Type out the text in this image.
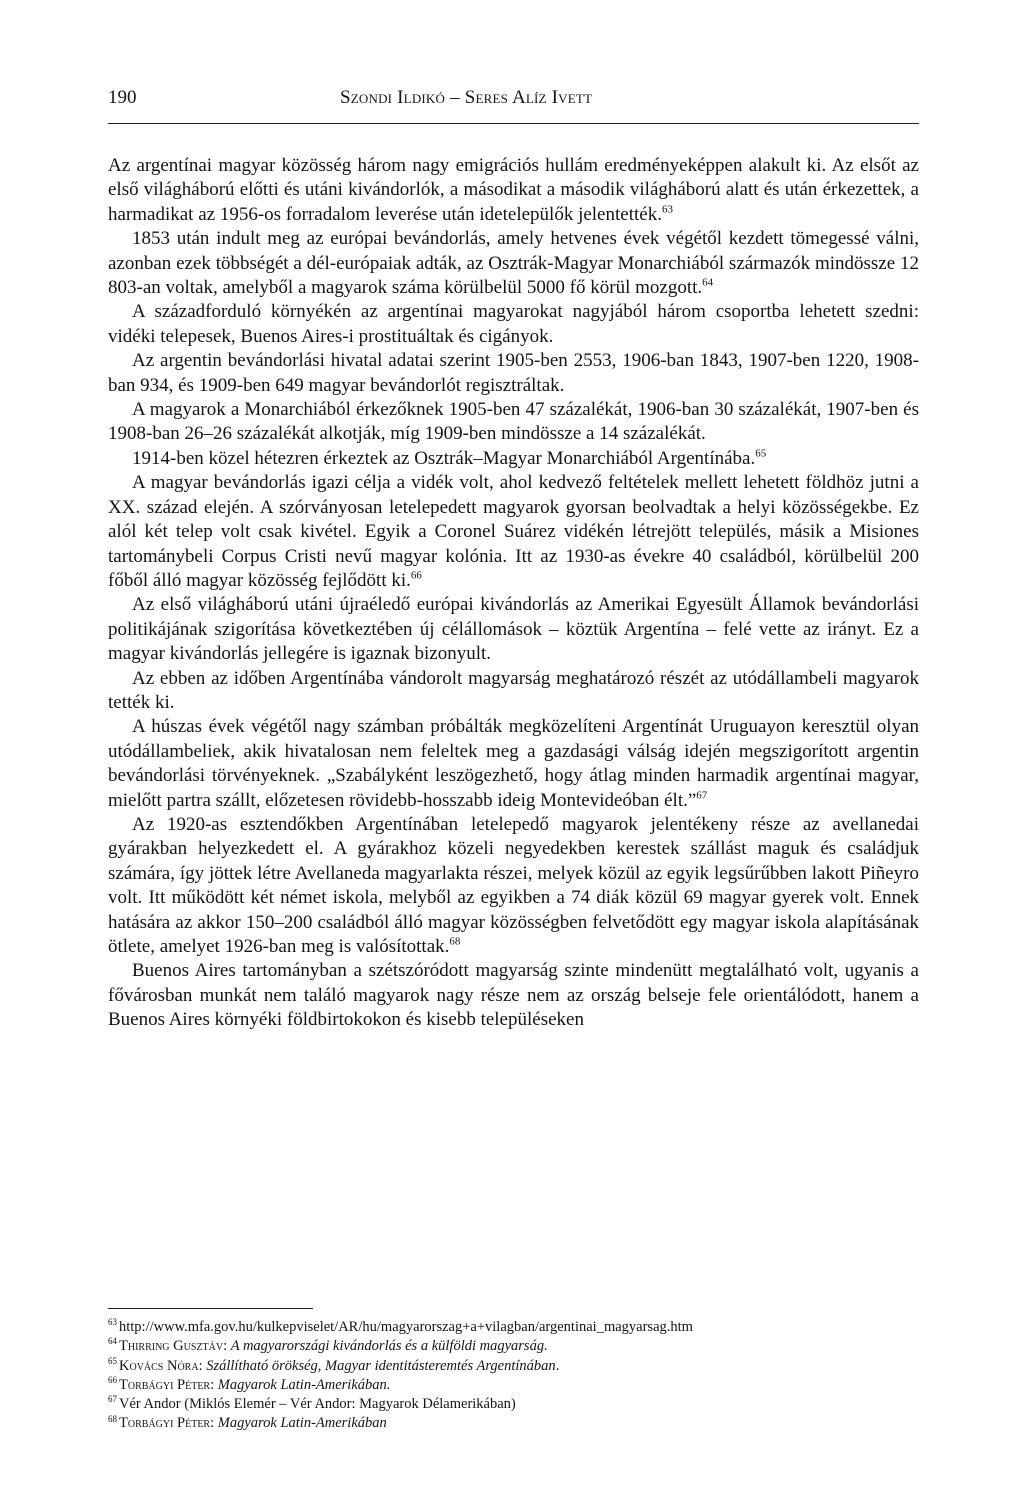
190	Szondi Ildikó – Seres Alíz Ivett

Az argentínai magyar közösség három nagy emigrációs hullám eredményeképpen alakult ki. Az elsőt az első világháború előtti és utáni kivándorlók, a másodikat a második világháború alatt és után érkezettek, a harmadikat az 1956-os forradalom leverése után idetelepülők jelentették.$^{63}$

1853 után indult meg az európai bevándorlás, amely hetvenes évek végétől kezdett tömegessé válni, azonban ezek többségét a dél-európaiak adták, az Osztrák-Magyar Monarchiából származók mindössze 12 803-an voltak, amelyből a magyarok száma körülbelül 5000 fő körül mozgott.$^{64}$

A századforduló környékén az argentínai magyarokat nagyjából három csoportba lehetett szedni: vidéki telepesek, Buenos Aires-i prostituáltak és cigányok.

Az argentin bevándorlási hivatal adatai szerint 1905-ben 2553, 1906-ban 1843, 1907-ben 1220, 1908-ban 934, és 1909-ben 649 magyar bevándorlót regisztráltak.

A magyarok a Monarchiából érkezőknek 1905-ben 47 százalékát, 1906-ban 30 százalékát, 1907-ben és 1908-ban 26–26 százalékát alkotják, míg 1909-ben mindössze a 14 százalékát.

1914-ben közel hétezren érkeztek az Osztrák–Magyar Monarchiából Argentínába.$^{65}$

A magyar bevándorlás igazi célja a vidék volt, ahol kedvező feltételek mellett lehetett földhöz jutni a XX. század elején. A szórványosan letelepedett magyarok gyorsan beolvadtak a helyi közösségekbe. Ez alól két telep volt csak kivétel. Egyik a Coronel Suárez vidékén létrejött település, másik a Misiones tartománybeli Corpus Cristi nevű magyar kolónia. Itt az 1930-as évekre 40 családból, körülbelül 200 főből álló magyar közösség fejlődött ki.$^{66}$

Az első világháború utáni újraéledő európai kivándorlás az Amerikai Egyesült Államok bevándorlási politikájának szigorítása következtében új célállomások – köztük Argentína – felé vette az irányt. Ez a magyar kivándorlás jellegére is igaznak bizonyult.

Az ebben az időben Argentínába vándorolt magyarság meghatározó részét az utódállambeli magyarok tették ki.

A húszas évek végétől nagy számban próbálták megközelíteni Argentínát Uruguayon keresztül olyan utódállambeliek, akik hivatalosan nem feleltek meg a gazdasági válság idején megszigorított argentin bevándorlási törvényeknek. „Szabályként leszögezhető, hogy átlag minden harmadik argentínai magyar, mielőtt partra szállt, előzetesen rövidebb-hosszabb ideig Montevideóban élt.”$^{67}$

Az 1920-as esztendőkben Argentínában letelepedő magyarok jelentékeny része az avellanedai gyárakban helyezkedett el. A gyárakhoz közeli negyedekben kerestek szállást maguk és családjuk számára, így jöttek létre Avellaneda magyarlakta részei, melyek közül az egyik legsűrűbben lakott Piñeyro volt. Itt működött két német iskola, melyből az egyikben a 74 diák közül 69 magyar gyerek volt. Ennek hatására az akkor 150–200 családból álló magyar közösségben felvetődött egy magyar iskola alapításának ötlete, amelyet 1926-ban meg is valósítottak.$^{68}$

Buenos Aires tartományban a szétszóródott magyarság szinte mindenütt megtalálható volt, ugyanis a fővárosban munkát nem találó magyarok nagy része nem az ország belseje fele orientálódott, hanem a Buenos Aires környéki földbirtokokon és kisebb településeken

$^{63}$ http://www.mfa.gov.hu/kulkepviselet/AR/hu/magyarorszag+a+vilagban/argentinai_magyarsag.htm

$^{64}$ Thirring Gusztáv: A magyarországi kivándorlás és a külföldi magyarság.

$^{65}$ Kovács Nóra: Szállítható örökség, Magyar identitásteremtés Argentínában.

$^{66}$ Torbágyi Péter: Magyarok Latin-Amerikában.

$^{67}$ Vér Andor (Miklós Elemér – Vér Andor: Magyarok Délamerikában)

$^{68}$ Torbágyi Péter: Magyarok Latin-Amerikában
